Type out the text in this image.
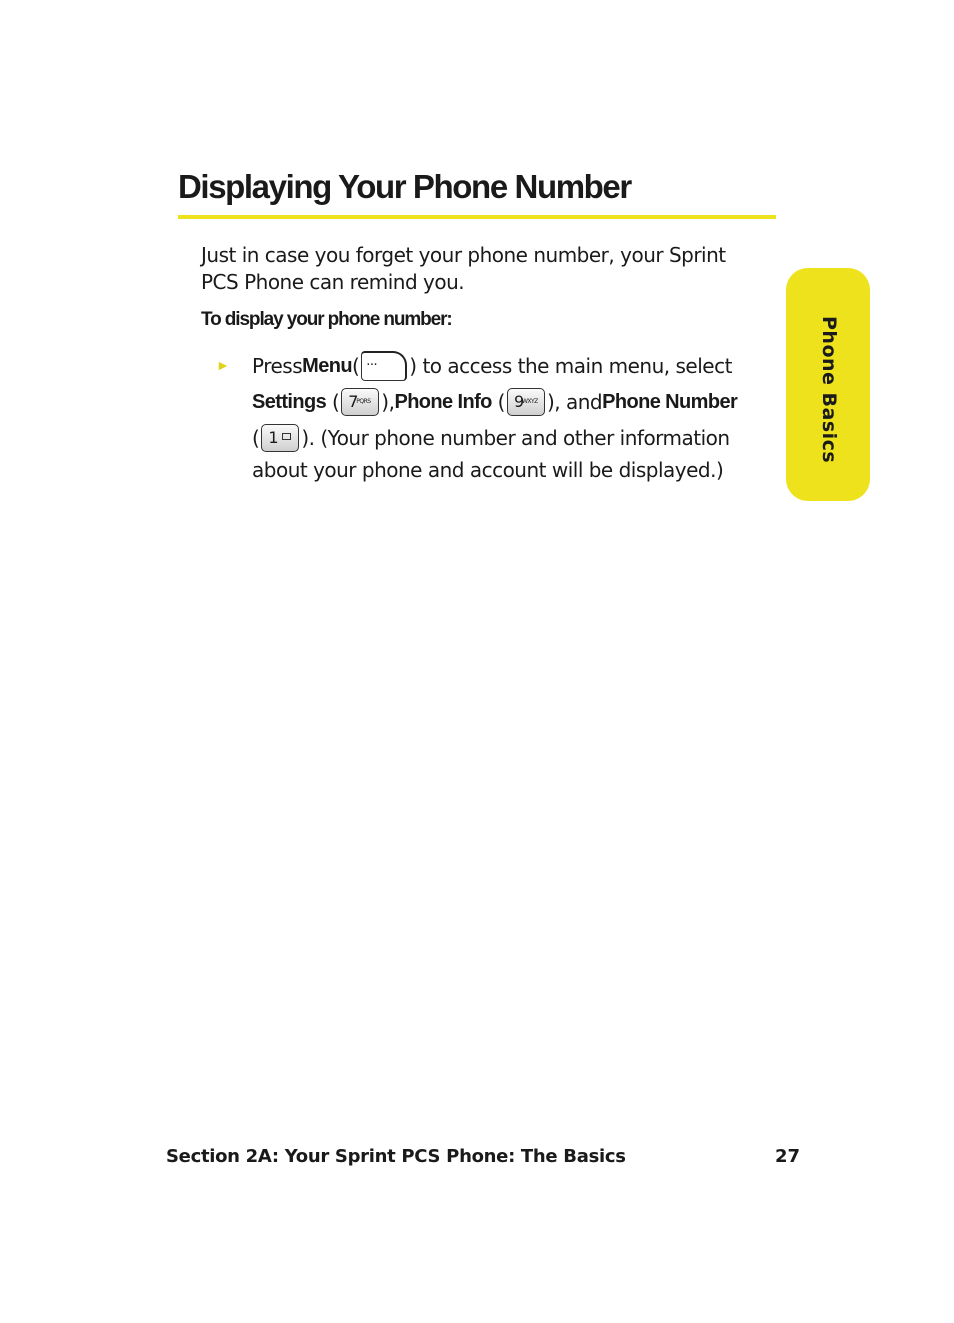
Displaying Your Phone Number

Just in case you forget your phone number, your Sprint PCS Phone can remind you.

To display your phone number:
► Press Menu ( ··· ) to access the main menu, select
Settings ( 7
PQRS ), Phone Info ( 9
WXYZ ), and Phone Number
( 1 ). (Your phone number and other information
about your phone and account will be displayed.)
Phone Basics

Section 2A: Your Sprint PCS Phone: The Basics	27
